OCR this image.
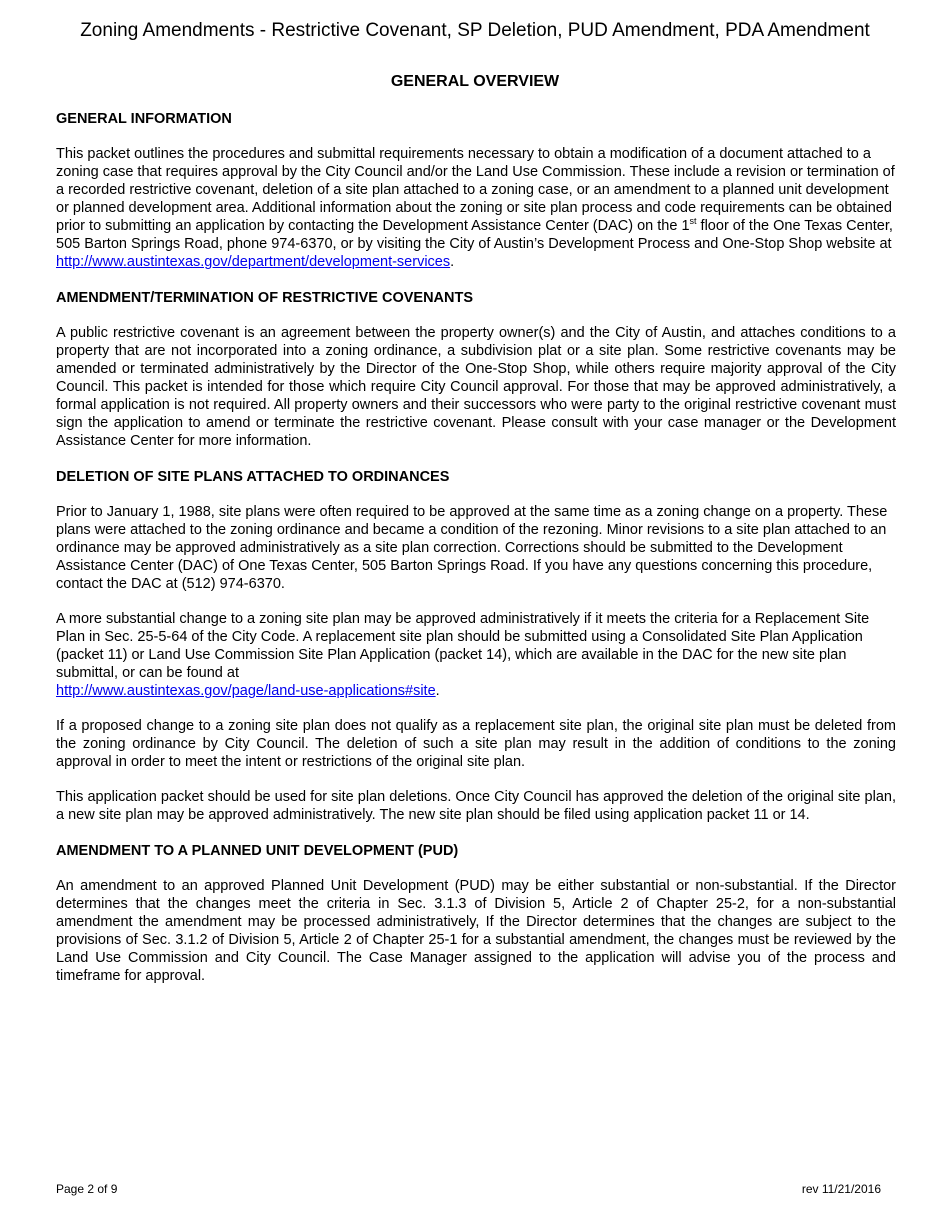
Zoning Amendments - Restrictive Covenant, SP Deletion, PUD Amendment, PDA Amendment
GENERAL OVERVIEW
GENERAL INFORMATION

This packet outlines the procedures and submittal requirements necessary to obtain a modification of a document attached to a zoning case that requires approval by the City Council and/or the Land Use Commission. These include a revision or termination of a recorded restrictive covenant, deletion of a site plan attached to a zoning case, or an amendment to a planned unit development or planned development area. Additional information about the zoning or site plan process and code requirements can be obtained prior to submitting an application by contacting the Development Assistance Center (DAC) on the 1st floor of the One Texas Center, 505 Barton Springs Road, phone 974-6370, or by visiting the City of Austin’s Development Process and One-Stop Shop website at
http://www.austintexas.gov/department/development-services.

AMENDMENT/TERMINATION OF RESTRICTIVE COVENANTS

A public restrictive covenant is an agreement between the property owner(s) and the City of Austin, and attaches conditions to a property that are not incorporated into a zoning ordinance, a subdivision plat or a site plan. Some restrictive covenants may be amended or terminated administratively by the Director of the One-Stop Shop, while others require majority approval of the City Council. This packet is intended for those which require City Council approval. For those that may be approved administratively, a formal application is not required. All property owners and their successors who were party to the original restrictive covenant must sign the application to amend or terminate the restrictive covenant. Please consult with your case manager or the Development Assistance Center for more information.

DELETION OF SITE PLANS ATTACHED TO ORDINANCES

Prior to January 1, 1988, site plans were often required to be approved at the same time as a zoning change on a property. These plans were attached to the zoning ordinance and became a condition of the rezoning. Minor revisions to a site plan attached to an ordinance may be approved administratively as a site plan correction. Corrections should be submitted to the Development Assistance Center (DAC) of One Texas Center, 505 Barton Springs Road. If you have any questions concerning this procedure, contact the DAC at (512) 974-6370.

A more substantial change to a zoning site plan may be approved administratively if it meets the criteria for a Replacement Site Plan in Sec. 25-5-64 of the City Code. A replacement site plan should be submitted using a Consolidated Site Plan Application (packet 11) or Land Use Commission Site Plan Application (packet 14), which are available in the DAC for the new site plan submittal, or can be found at
http://www.austintexas.gov/page/land-use-applications#site.

If a proposed change to a zoning site plan does not qualify as a replacement site plan, the original site plan must be deleted from the zoning ordinance by City Council. The deletion of such a site plan may result in the addition of conditions to the zoning approval in order to meet the intent or restrictions of the original site plan.

This application packet should be used for site plan deletions. Once City Council has approved the deletion of the original site plan, a new site plan may be approved administratively. The new site plan should be filed using application packet 11 or 14.

AMENDMENT TO A PLANNED UNIT DEVELOPMENT (PUD)

An amendment to an approved Planned Unit Development (PUD) may be either substantial or non-substantial. If the Director determines that the changes meet the criteria in Sec. 3.1.3 of Division 5, Article 2 of Chapter 25-2, for a non-substantial amendment the amendment may be processed administratively, If the Director determines that the changes are subject to the provisions of Sec. 3.1.2 of Division 5, Article 2 of Chapter 25-1 for a substantial amendment, the changes must be reviewed by the Land Use Commission and City Council. The Case Manager assigned to the application will advise you of the process and timeframe for approval.

Page 2 of 9	rev 11/21/2016
